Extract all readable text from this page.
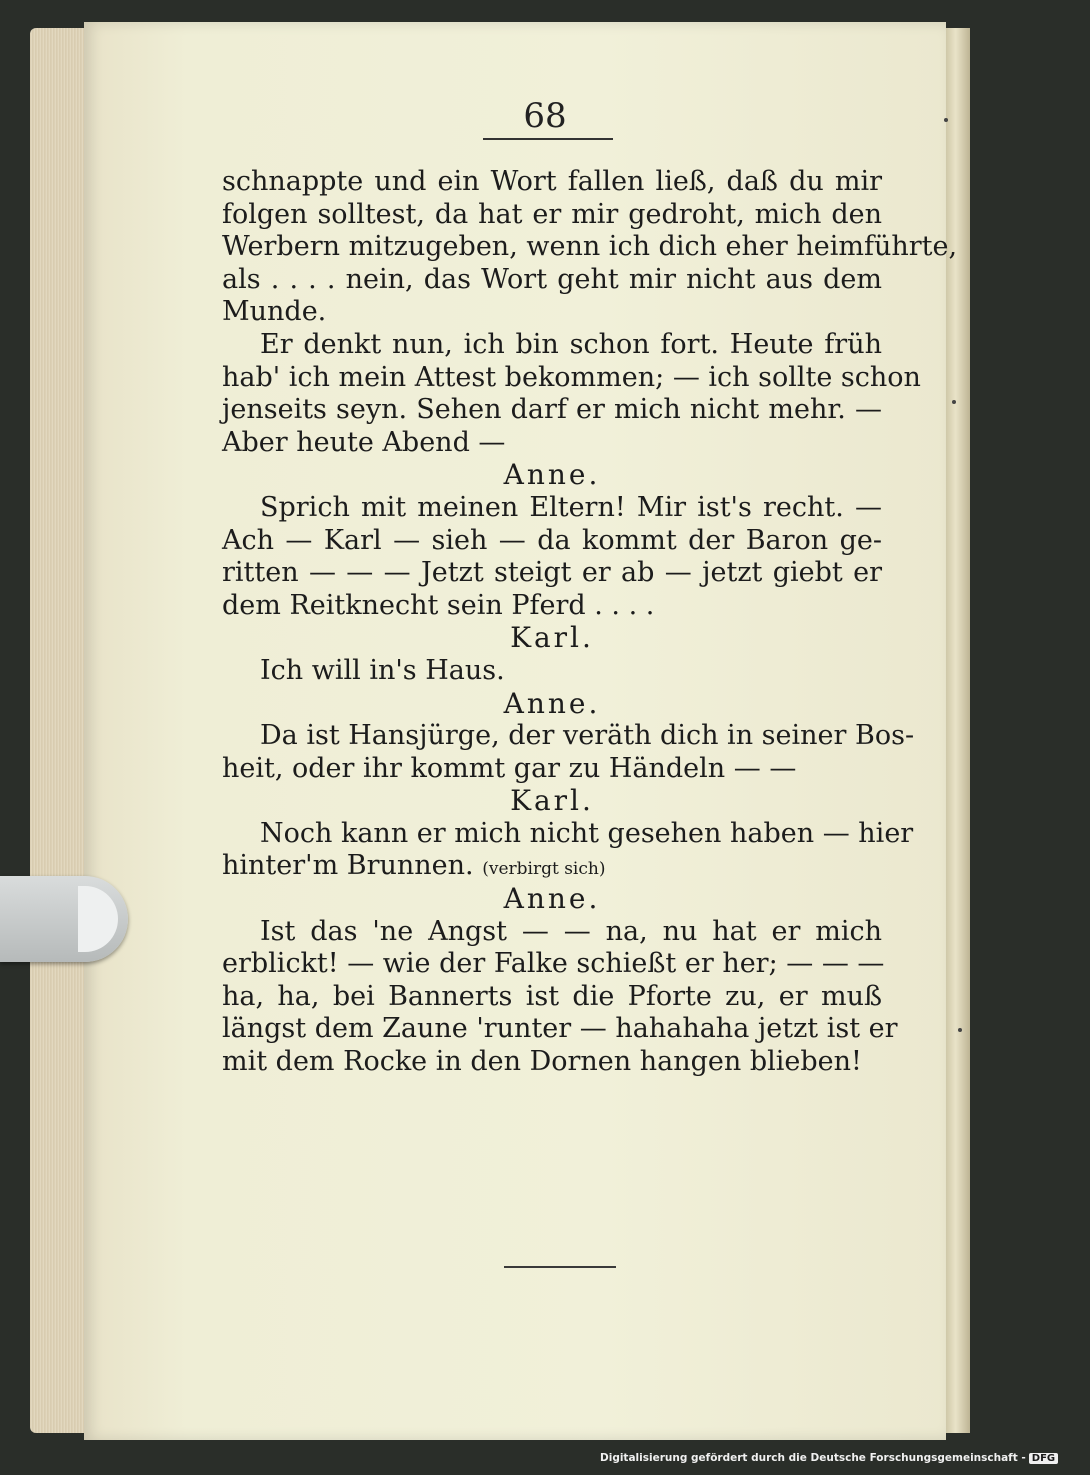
68
schnappte und ein Wort fallen ließ, daß du mir
folgen solltest, da hat er mir gedroht, mich den
Werbern mitzugeben, wenn ich dich eher heimführte,
als . . . . nein, das Wort geht mir nicht aus dem
Munde.
Er denkt nun, ich bin schon fort. Heute früh
hab' ich mein Attest bekommen; — ich sollte schon
jenseits seyn. Sehen darf er mich nicht mehr. —
Aber heute Abend —
Anne.
Sprich mit meinen Eltern! Mir ist's recht. —
Ach — Karl — sieh — da kommt der Baron ge-
ritten — — — Jetzt steigt er ab — jetzt giebt er
dem Reitknecht sein Pferd . . . .
Karl.
Ich will in's Haus.
Anne.
Da ist Hansjürge, der veräth dich in seiner Bos-
heit, oder ihr kommt gar zu Händeln — —
Karl.
Noch kann er mich nicht gesehen haben — hier
hinter'm Brunnen. (verbirgt sich)
Anne.
Ist das 'ne Angst — — na, nu hat er mich
erblickt! — wie der Falke schießt er her; — — —
ha, ha, bei Bannerts ist die Pforte zu, er muß
längst dem Zaune 'runter — hahahaha jetzt ist er
mit dem Rocke in den Dornen hangen blieben!
Digitalisierung gefördert durch die Deutsche Forschungsgemeinschaft - DFG
